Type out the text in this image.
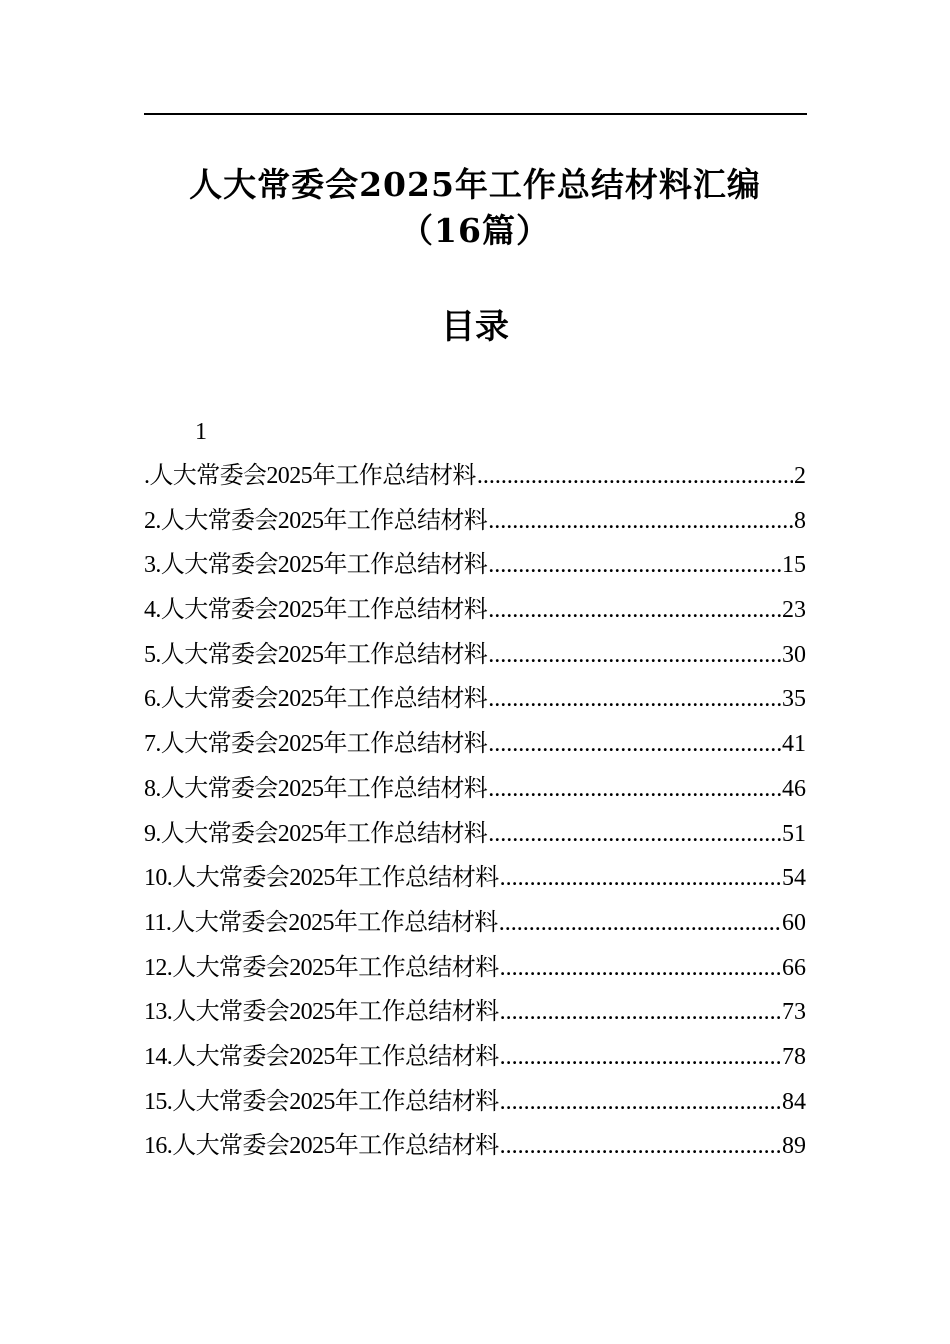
人大常委会2025年工作总结材料汇编
（16篇）
目录
1
.人大常委会2025年工作总结材料 .....	2
2.人大常委会2025年工作总结材料 .....	8
3.人大常委会2025年工作总结材料 .....	15
4.人大常委会2025年工作总结材料 .....	23
5.人大常委会2025年工作总结材料 .....	30
6.人大常委会2025年工作总结材料 .....	35
7.人大常委会2025年工作总结材料 .....	41
8.人大常委会2025年工作总结材料 .....	46
9.人大常委会2025年工作总结材料 .....	51
10.人大常委会2025年工作总结材料 .....	54
11.人大常委会2025年工作总结材料 .....	60
12.人大常委会2025年工作总结材料 .....	66
13.人大常委会2025年工作总结材料 .....	73
14.人大常委会2025年工作总结材料 .....	78
15.人大常委会2025年工作总结材料 .....	84
16.人大常委会2025年工作总结材料 .....	89
